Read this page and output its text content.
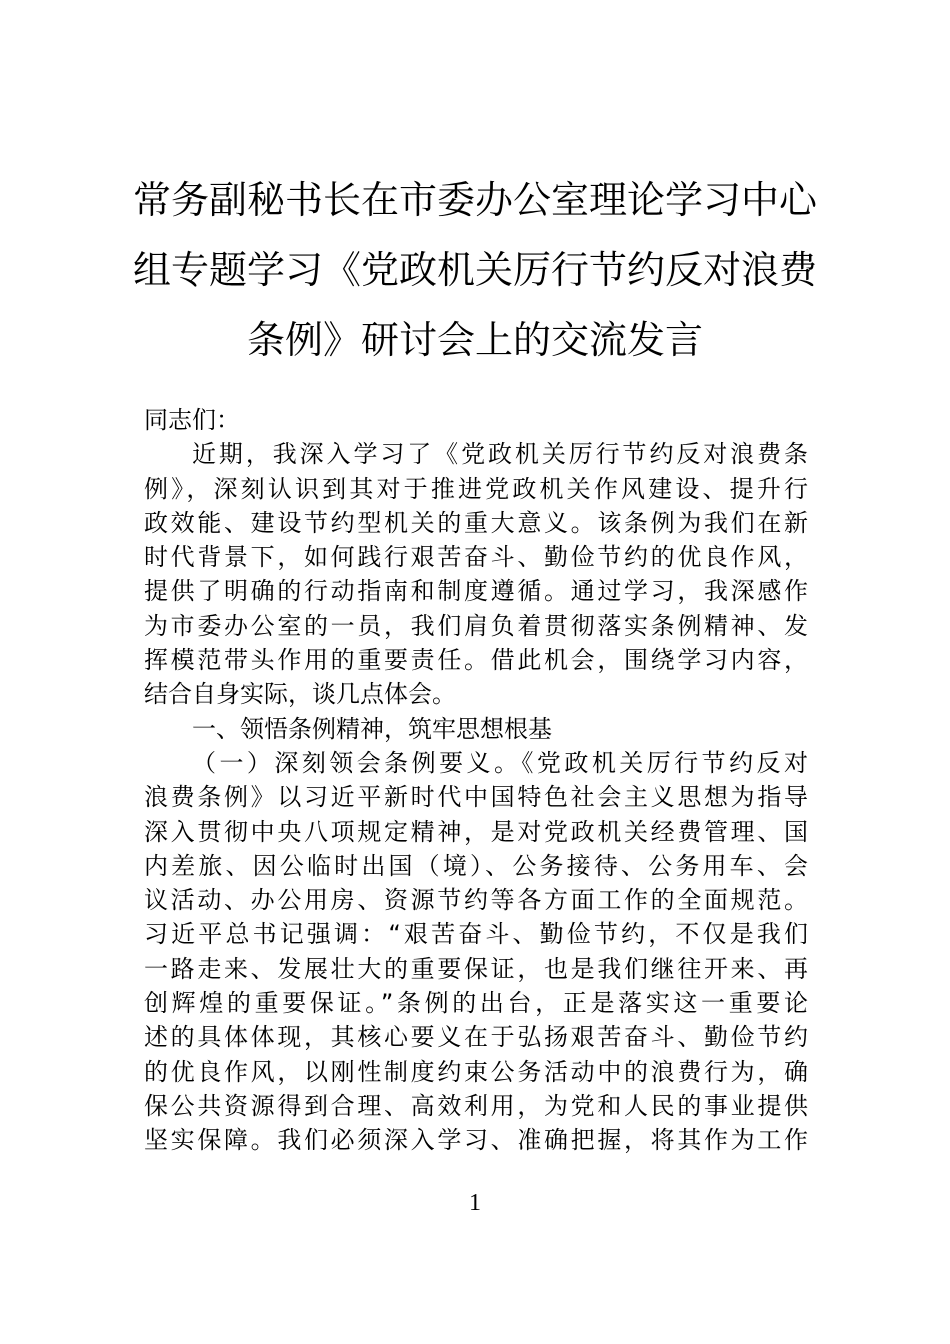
常务副秘书长在市委办公室理论学习中心
组专题学习《党政机关厉行节约反对浪费
条例》研讨会上的交流发言
同志们：
近期，我深入学习了《党政机关厉行节约反对浪费条
例》，深刻认识到其对于推进党政机关作风建设、提升行
政效能、建设节约型机关的重大意义。该条例为我们在新
时代背景下，如何践行艰苦奋斗、勤俭节约的优良作风，
提供了明确的行动指南和制度遵循。通过学习，我深感作
为市委办公室的一员，我们肩负着贯彻落实条例精神、发
挥模范带头作用的重要责任。借此机会，围绕学习内容，
结合自身实际，谈几点体会。
一、领悟条例精神，筑牢思想根基
（一）深刻领会条例要义。《党政机关厉行节约反对
浪费条例》以习近平新时代中国特色社会主义思想为指导
深入贯彻中央八项规定精神，是对党政机关经费管理、国
内差旅、因公临时出国（境）、公务接待、公务用车、会
议活动、办公用房、资源节约等各方面工作的全面规范。
习近平总书记强调：“艰苦奋斗、勤俭节约，不仅是我们
一路走来、发展壮大的重要保证，也是我们继往开来、再
创辉煌的重要保证。”条例的出台，正是落实这一重要论
述的具体体现，其核心要义在于弘扬艰苦奋斗、勤俭节约
的优良作风，以刚性制度约束公务活动中的浪费行为，确
保公共资源得到合理、高效利用，为党和人民的事业提供
坚实保障。我们必须深入学习、准确把握，将其作为工作
1
